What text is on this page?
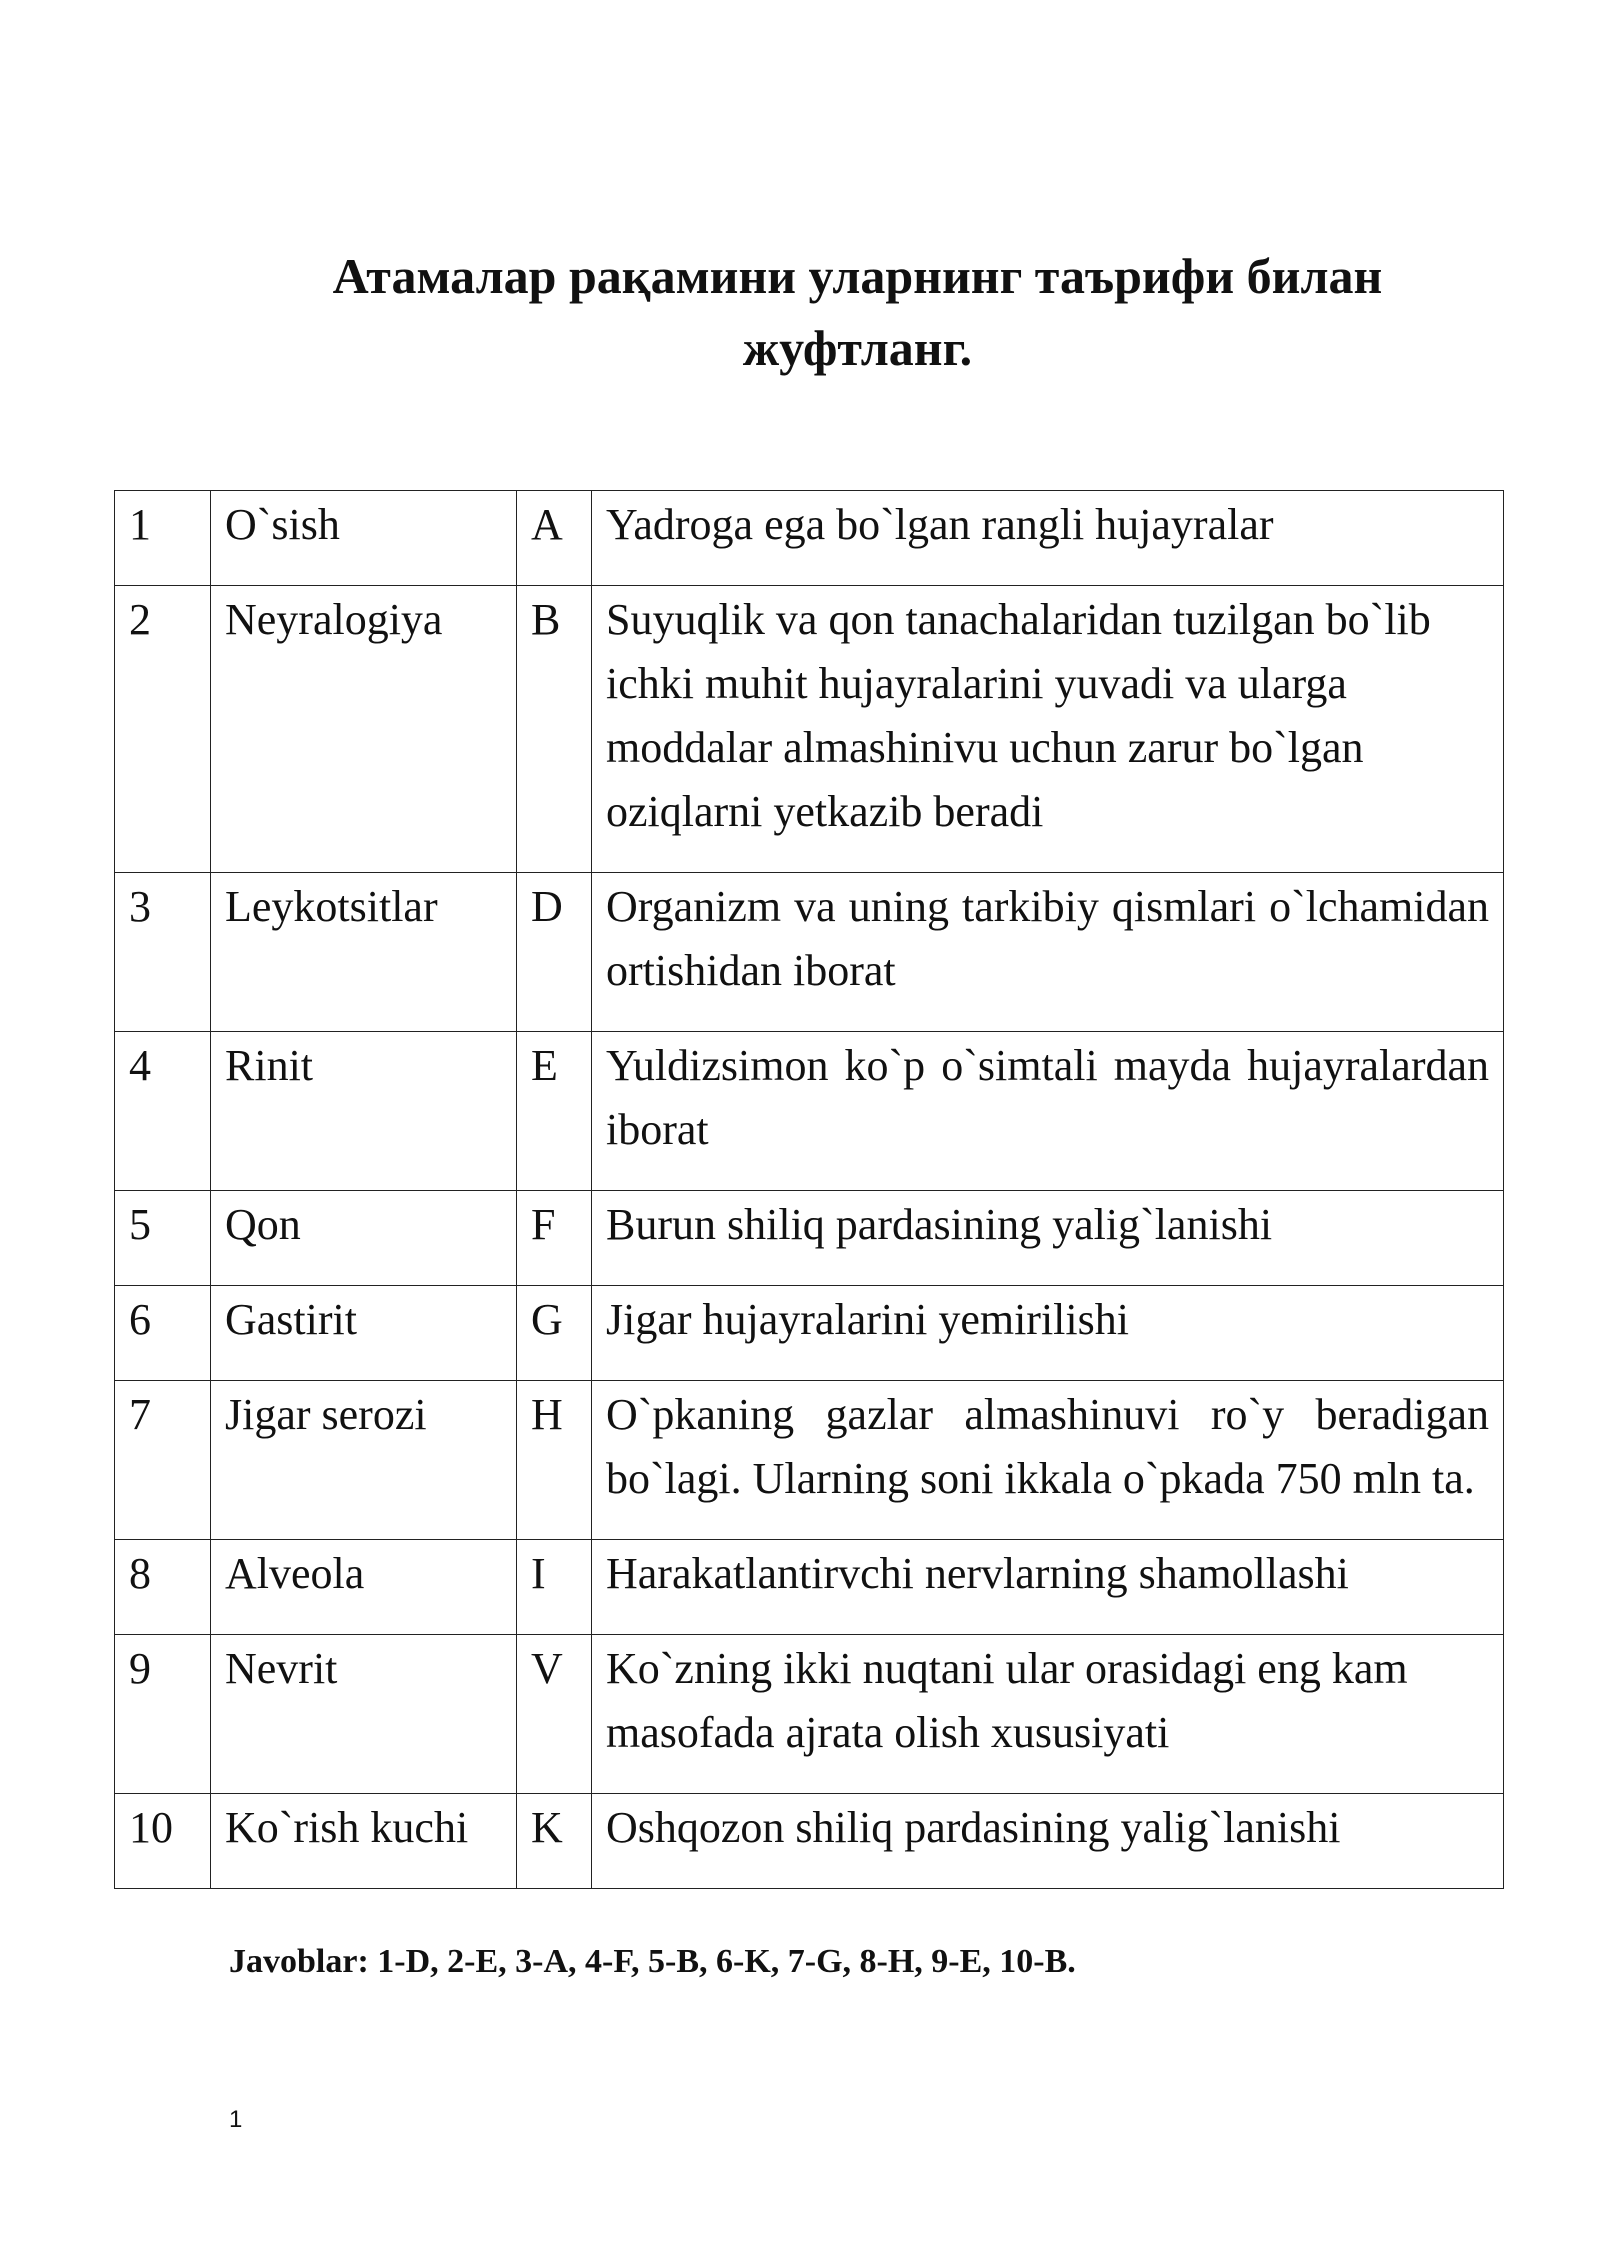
Атамалар рақамини уларнинг таърифи билан
жуфтланг.
1	O`sish	A	Yadroga ega bo`lgan rangli hujayralar
2	Neyralogiya	B	Suyuqlik va qon tanachalaridan tuzilgan bo`lib ichki muhit hujayralarini yuvadi va ularga moddalar almashinivu uchun zarur bo`lgan oziqlarni yetkazib beradi
3	Leykotsitlar	D	Organizm va uning tarkibiy qismlari o`lchamidan ortishidan iborat
4	Rinit	E	Yuldizsimon ko`p o`simtali mayda hujayralardan iborat
5	Qon	F	Burun shiliq pardasining yalig`lanishi
6	Gastirit	G	Jigar hujayralarini yemirilishi
7	Jigar serozi	H	O`pkaning gazlar almashinuvi ro`y beradigan bo`lagi. Ularning soni ikkala o`pkada 750 mln ta.
8	Alveola	I	Harakatlantirvchi nervlarning shamollashi
9	Nevrit	V	Ko`zning ikki nuqtani ular orasidagi eng kam masofada ajrata olish xususiyati
10	Ko`rish kuchi	K	Oshqozon shiliq pardasining yalig`lanishi

Javoblar: 1-D, 2-E, 3-A, 4-F, 5-B, 6-K, 7-G, 8-H, 9-E, 10-B.

1
